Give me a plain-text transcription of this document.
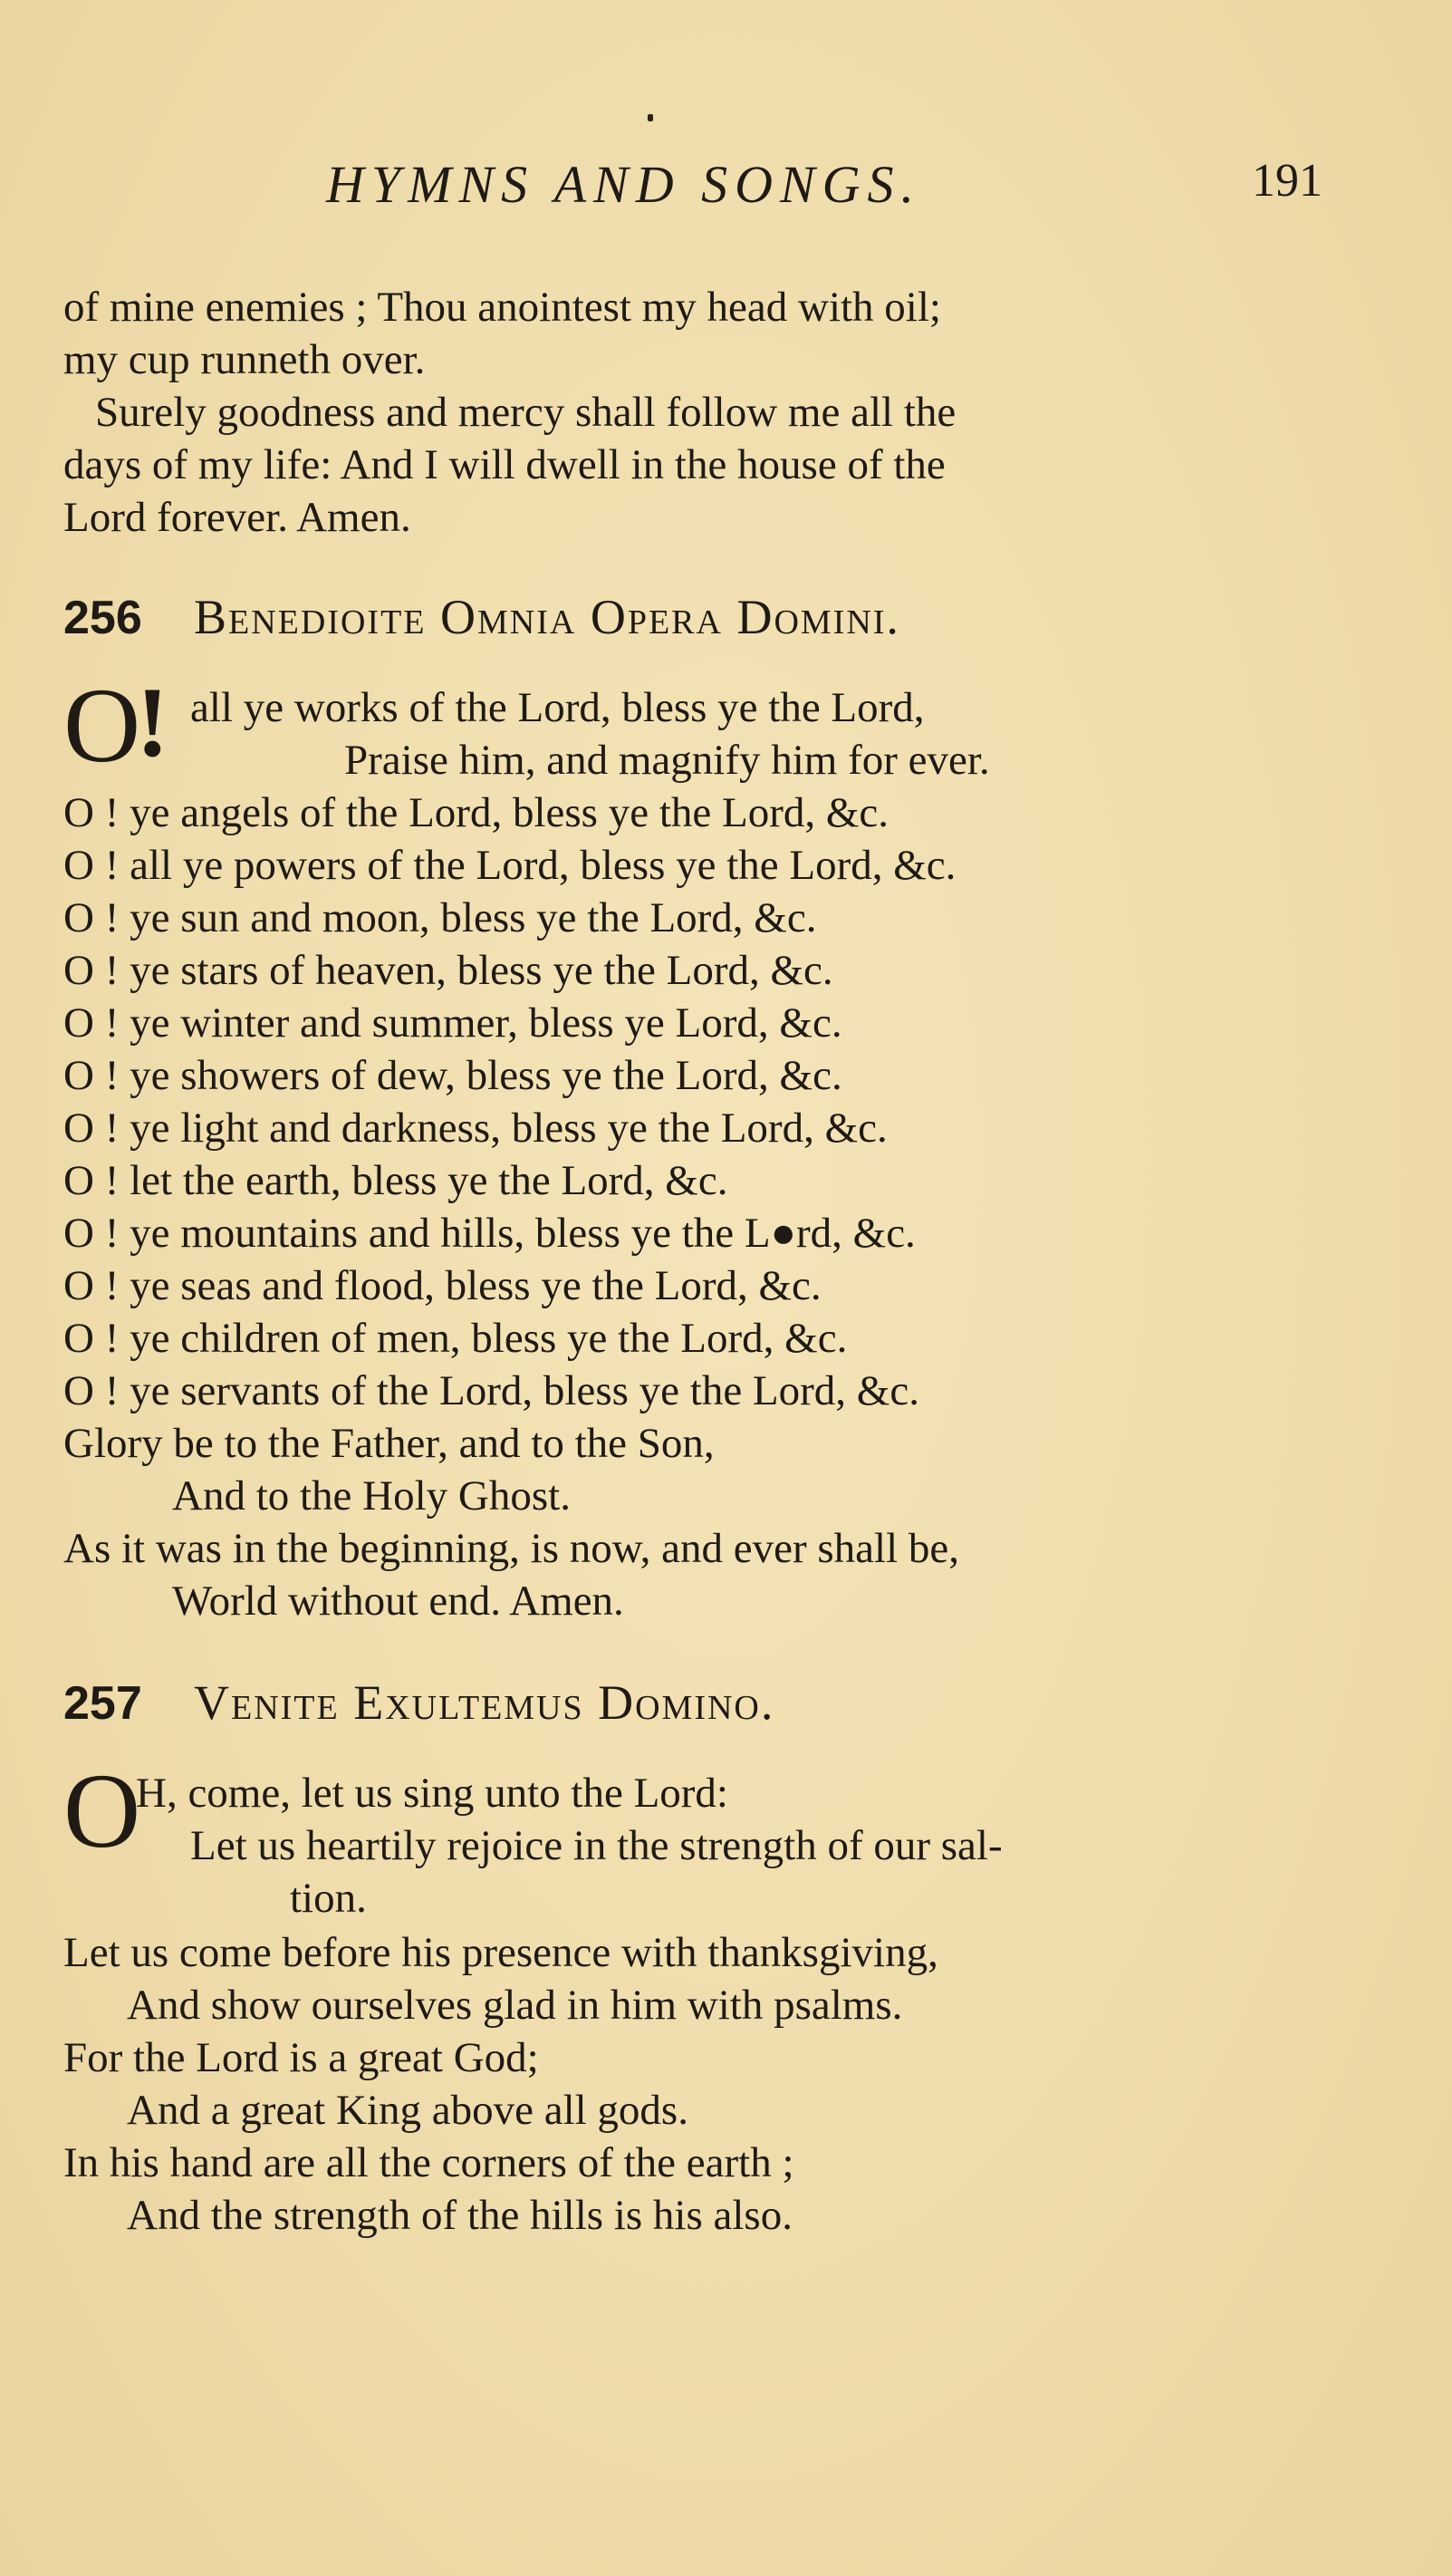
HYMNS AND SONGS.	191
of mine enemies ; Thou anointest my head with oil;
my cup runneth over.
Surely goodness and mercy shall follow me all the
days of my life: And I will dwell in the house of the
Lord forever. Amen.
256 Benedioite Omnia Opera Domini.
O
! all ye works of the Lord, bless ye the Lord,
Praise him, and magnify him for ever.
O ! ye angels of the Lord, bless ye the Lord, &c.
O ! all ye powers of the Lord, bless ye the Lord, &c.
O ! ye sun and moon, bless ye the Lord, &c.
O ! ye stars of heaven, bless ye the Lord, &c.
O ! ye winter and summer, bless ye Lord, &c.
O ! ye showers of dew, bless ye the Lord, &c.
O ! ye light and darkness, bless ye the Lord, &c.
O ! let the earth, bless ye the Lord, &c.
O ! ye mountains and hills, bless ye the L●rd, &c.
O ! ye seas and flood, bless ye the Lord, &c.
O ! ye children of men, bless ye the Lord, &c.
O ! ye servants of the Lord, bless ye the Lord, &c.
Glory be to the Father, and to the Son,
And to the Holy Ghost.
As it was in the beginning, is now, and ever shall be,
World without end. Amen.
257 Venite Exultemus Domino.
O
H, come, let us sing unto the Lord:
Let us heartily rejoice in the strength of our sal-
tion.
Let us come before his presence with thanksgiving,
And show ourselves glad in him with psalms.
For the Lord is a great God;
And a great King above all gods.
In his hand are all the corners of the earth ;
And the strength of the hills is his also.
